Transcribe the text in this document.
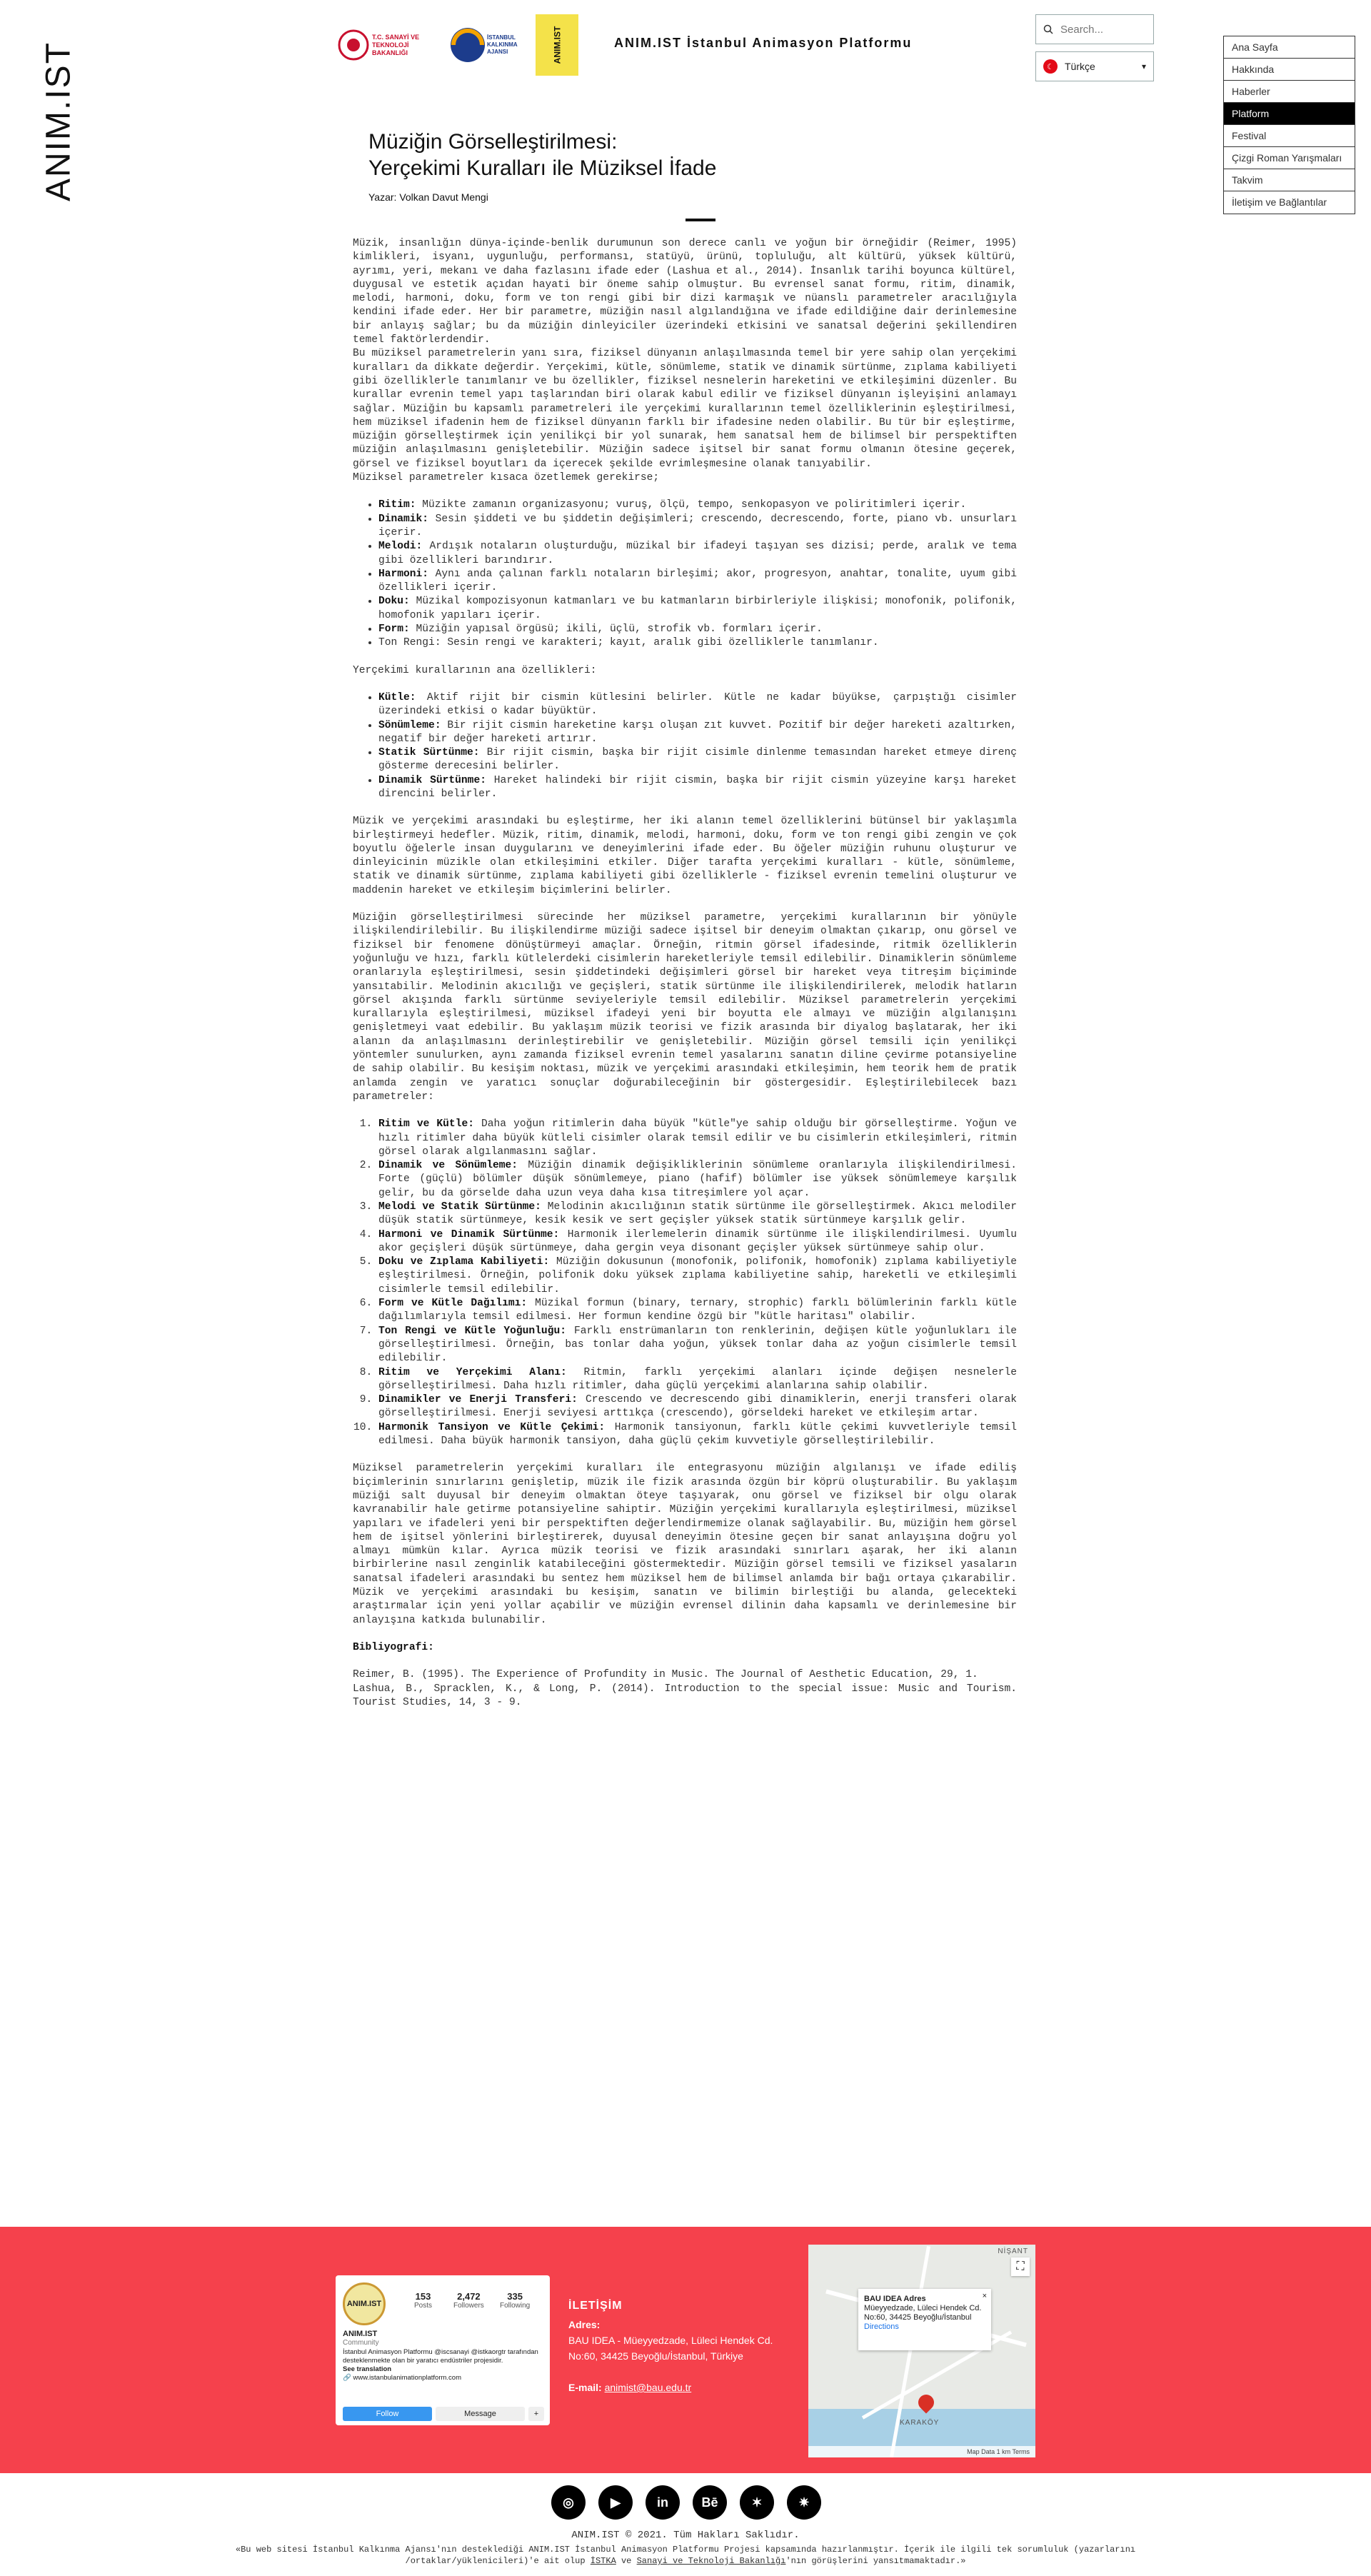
ANIM.IST
T.C. SANAYİ VE TEKNOLOJİ BAKANLIĞI
İSTANBUL KALKINMA AJANSI	ANIM.IST	ANIM.IST İstanbul Animasyon Platformu
Search...
☾	Türkçe	▾
Ana Sayfa
Hakkında
Haberler
Platform
Festival
Çizgi Roman Yarışmaları
Takvim
İletişim ve Bağlantılar
Müziğin Görselleştirilmesi:
Yerçekimi Kuralları ile Müziksel İfade
Yazar: Volkan Davut Mengi

Müzik, insanlığın dünya-içinde-benlik durumunun son derece canlı ve yoğun bir örneğidir (Reimer, 1995) kimlikleri, isyanı, uygunluğu, performansı, statüyü, ürünü, topluluğu, alt kültürü, yüksek kültürü, ayrımı, yeri, mekanı ve daha fazlasını ifade eder (Lashua et al., 2014). İnsanlık tarihi boyunca kültürel, duygusal ve estetik açıdan hayati bir öneme sahip olmuştur. Bu evrensel sanat formu, ritim, dinamik, melodi, harmoni, doku, form ve ton rengi gibi bir dizi karmaşık ve nüanslı parametreler aracılığıyla kendini ifade eder. Her bir parametre, müziğin nasıl algılandığına ve ifade edildiğine dair derinlemesine bir anlayış sağlar; bu da müziğin dinleyiciler üzerindeki etkisini ve sanatsal değerini şekillendiren temel faktörlerdendir.

Bu müziksel parametrelerin yanı sıra, fiziksel dünyanın anlaşılmasında temel bir yere sahip olan yerçekimi kuralları da dikkate değerdir. Yerçekimi, kütle, sönümleme, statik ve dinamik sürtünme, zıplama kabiliyeti gibi özelliklerle tanımlanır ve bu özellikler, fiziksel nesnelerin hareketini ve etkileşimini düzenler. Bu kurallar evrenin temel yapı taşlarından biri olarak kabul edilir ve fiziksel dünyanın işleyişini anlamayı sağlar. Müziğin bu kapsamlı parametreleri ile yerçekimi kurallarının temel özelliklerinin eşleştirilmesi, hem müziksel ifadenin hem de fiziksel dünyanın farklı bir ifadesine neden olabilir. Bu tür bir eşleştirme, müziğin görselleştirmek için yenilikçi bir yol sunarak, hem sanatsal hem de bilimsel bir perspektiften müziğin anlaşılmasını genişletebilir. Müziğin sadece işitsel bir sanat formu olmanın ötesine geçerek, görsel ve fiziksel boyutları da içerecek şekilde evrimleşmesine olanak tanıyabilir.

Müziksel parametreler kısaca özetlemek gerekirse;

• Ritim: Müzikte zamanın organizasyonu; vuruş, ölçü, tempo, senkopasyon ve poliritimleri içerir.
• Dinamik: Sesin şiddeti ve bu şiddetin değişimleri; crescendo, decrescendo, forte, piano vb. unsurları içerir.
• Melodi: Ardışık notaların oluşturduğu, müzikal bir ifadeyi taşıyan ses dizisi; perde, aralık ve tema gibi özellikleri barındırır.
• Harmoni: Aynı anda çalınan farklı notaların birleşimi; akor, progresyon, anahtar, tonalite, uyum gibi özellikleri içerir.
• Doku: Müzikal kompozisyonun katmanları ve bu katmanların birbirleriyle ilişkisi; monofonik, polifonik, homofonik yapıları içerir.
• Form: Müziğin yapısal örgüsü; ikili, üçlü, strofik vb. formları içerir.
• Ton Rengi: Sesin rengi ve karakteri; kayıt, aralık gibi özelliklerle tanımlanır.

Yerçekimi kurallarının ana özellikleri:

• Kütle: Aktif rijit bir cismin kütlesini belirler. Kütle ne kadar büyükse, çarpıştığı cisimler üzerindeki etkisi o kadar büyüktür.
• Sönümleme: Bir rijit cismin hareketine karşı oluşan zıt kuvvet. Pozitif bir değer hareketi azaltırken, negatif bir değer hareketi artırır.
• Statik Sürtünme: Bir rijit cismin, başka bir rijit cisimle dinlenme temasından hareket etmeye direnç gösterme derecesini belirler.
• Dinamik Sürtünme: Hareket halindeki bir rijit cismin, başka bir rijit cismin yüzeyine karşı hareket direncini belirler.

Müzik ve yerçekimi arasındaki bu eşleştirme, her iki alanın temel özelliklerini bütünsel bir yaklaşımla birleştirmeyi hedefler. Müzik, ritim, dinamik, melodi, harmoni, doku, form ve ton rengi gibi zengin ve çok boyutlu öğelerle insan duygularını ve deneyimlerini ifade eder. Bu öğeler müziğin ruhunu oluşturur ve dinleyicinin müzikle olan etkileşimini etkiler. Diğer tarafta yerçekimi kuralları - kütle, sönümleme, statik ve dinamik sürtünme, zıplama kabiliyeti gibi özelliklerle - fiziksel evrenin temelini oluşturur ve maddenin hareket ve etkileşim biçimlerini belirler.

Müziğin görselleştirilmesi sürecinde her müziksel parametre, yerçekimi kurallarının bir yönüyle ilişkilendirilebilir. Bu ilişkilendirme müziği sadece işitsel bir deneyim olmaktan çıkarıp, onu görsel ve fiziksel bir fenomene dönüştürmeyi amaçlar. Örneğin, ritmin görsel ifadesinde, ritmik özelliklerin yoğunluğu ve hızı, farklı kütlelerdeki cisimlerin hareketleriyle temsil edilebilir. Dinamiklerin sönümleme oranlarıyla eşleştirilmesi, sesin şiddetindeki değişimleri görsel bir hareket veya titreşim biçiminde yansıtabilir. Melodinin akıcılığı ve geçişleri, statik sürtünme ile ilişkilendirilerek, melodik hatların görsel akışında farklı sürtünme seviyeleriyle temsil edilebilir. Müziksel parametrelerin yerçekimi kurallarıyla eşleştirilmesi, müziksel ifadeyi yeni bir boyutta ele almayı ve müziğin algılanışını genişletmeyi vaat edebilir. Bu yaklaşım müzik teorisi ve fizik arasında bir diyalog başlatarak, her iki alanın da anlaşılmasını derinleştirebilir ve genişletebilir. Müziğin görsel temsili için yenilikçi yöntemler sunulurken, aynı zamanda fiziksel evrenin temel yasalarını sanatın diline çevirme potansiyeline de sahip olabilir. Bu kesişim noktası, müzik ve yerçekimi arasındaki etkileşimin, hem teorik hem de pratik anlamda zengin ve yaratıcı sonuçlar doğurabileceğinin bir göstergesidir. Eşleştirilebilecek bazı parametreler:

1. Ritim ve Kütle: Daha yoğun ritimlerin daha büyük "kütle"ye sahip olduğu bir görselleştirme. Yoğun ve hızlı ritimler daha büyük kütleli cisimler olarak temsil edilir ve bu cisimlerin etkileşimleri, ritmin görsel olarak algılanmasını sağlar.
2. Dinamik ve Sönümleme: Müziğin dinamik değişikliklerinin sönümleme oranlarıyla ilişkilendirilmesi. Forte (güçlü) bölümler düşük sönümlemeye, piano (hafif) bölümler ise yüksek sönümlemeye karşılık gelir, bu da görselde daha uzun veya daha kısa titreşimlere yol açar.
3. Melodi ve Statik Sürtünme: Melodinin akıcılığının statik sürtünme ile görselleştirmek. Akıcı melodiler düşük statik sürtünmeye, kesik kesik ve sert geçişler yüksek statik sürtünmeye karşılık gelir.
4. Harmoni ve Dinamik Sürtünme: Harmonik ilerlemelerin dinamik sürtünme ile ilişkilendirilmesi. Uyumlu akor geçişleri düşük sürtünmeye, daha gergin veya disonant geçişler yüksek sürtünmeye sahip olur.
5. Doku ve Zıplama Kabiliyeti: Müziğin dokusunun (monofonik, polifonik, homofonik) zıplama kabiliyetiyle eşleştirilmesi. Örneğin, polifonik doku yüksek zıplama kabiliyetine sahip, hareketli ve etkileşimli cisimlerle temsil edilebilir.
6. Form ve Kütle Dağılımı: Müzikal formun (binary, ternary, strophic) farklı bölümlerinin farklı kütle dağılımlarıyla temsil edilmesi. Her formun kendine özgü bir "kütle haritası" olabilir.
7. Ton Rengi ve Kütle Yoğunluğu: Farklı enstrümanların ton renklerinin, değişen kütle yoğunlukları ile görselleştirilmesi. Örneğin, bas tonlar daha yoğun, yüksek tonlar daha az yoğun cisimlerle temsil edilebilir.
8. Ritim ve Yerçekimi Alanı: Ritmin, farklı yerçekimi alanları içinde değişen nesnelerle görselleştirilmesi. Daha hızlı ritimler, daha güçlü yerçekimi alanlarına sahip olabilir.
9. Dinamikler ve Enerji Transferi: Crescendo ve decrescendo gibi dinamiklerin, enerji transferi olarak görselleştirilmesi. Enerji seviyesi arttıkça (crescendo), görseldeki hareket ve etkileşim artar.
10. Harmonik Tansiyon ve Kütle Çekimi: Harmonik tansiyonun, farklı kütle çekimi kuvvetleriyle temsil edilmesi. Daha büyük harmonik tansiyon, daha güçlü çekim kuvvetiyle görselleştirilebilir.

Müziksel parametrelerin yerçekimi kuralları ile entegrasyonu müziğin algılanışı ve ifade ediliş biçimlerinin sınırlarını genişletip, müzik ile fizik arasında özgün bir köprü oluşturabilir. Bu yaklaşım müziği salt duyusal bir deneyim olmaktan öteye taşıyarak, onu görsel ve fiziksel bir olgu olarak kavranabilir hale getirme potansiyeline sahiptir. Müziğin yerçekimi kurallarıyla eşleştirilmesi, müziksel yapıları ve ifadeleri yeni bir perspektiften değerlendirmemize olanak sağlayabilir. Bu, müziğin hem görsel hem de işitsel yönlerini birleştirerek, duyusal deneyimin ötesine geçen bir sanat anlayışına doğru yol almayı mümkün kılar. Ayrıca müzik teorisi ve fizik arasındaki sınırları aşarak, her iki alanın birbirlerine nasıl zenginlik katabileceğini göstermektedir. Müziğin görsel temsili ve fiziksel yasaların sanatsal ifadeleri arasındaki bu sentez hem müziksel hem de bilimsel anlamda bir bağı ortaya çıkarabilir. Müzik ve yerçekimi arasındaki bu kesişim, sanatın ve bilimin birleştiği bu alanda, gelecekteki araştırmalar için yeni yollar açabilir ve müziğin evrensel dilinin daha kapsamlı ve derinlemesine bir anlayışına katkıda bulunabilir.

Bibliyografi:

Reimer, B. (1995). The Experience of Profundity in Music. The Journal of Aesthetic Education, 29, 1.

Lashua, B., Spracklen, K., & Long, P. (2014). Introduction to the special issue: Music and Tourism. Tourist Studies, 14, 3 - 9.

ANIM.IST
153
Posts
2,472
Followers
335
Following
ANIM.IST
Community
İstanbul Animasyon Platformu @iscsanayi @istkaorgtr tarafından desteklenmekte olan bir yaratıcı endüstriler projesidir.
See translation
🔗 www.istanbulanimationplatform.com
Follow	Message	+
İLETİŞİM
Adres:
BAU IDEA - Müeyyedzade, Lüleci Hendek Cd.
No:60, 34425 Beyoğlu/İstanbul, Türkiye
E-mail: animist@bau.edu.tr
NİŞANT
KARAKÖY
⛶
×
BAU IDEA Adres
Müeyyedzade, Lüleci Hendek Cd. No:60, 34425 Beyoğlu/İstanbul
Directions
Map Data 1 km Terms
◎	▶	in	Bē	✶	✷
ANIM.IST © 2021. Tüm Hakları Saklıdır.
«Bu web sitesi İstanbul Kalkınma Ajansı'nın desteklediği ANIM.IST İstanbul Animasyon Platformu Projesi kapsamında hazırlanmıştır. İçerik ile ilgili tek sorumluluk (yazarlarını /ortaklar/yüklenicileri)'e ait olup İSTKA ve Sanayi ve Teknoloji Bakanlığı'nın görüşlerini yansıtmamaktadır.»
